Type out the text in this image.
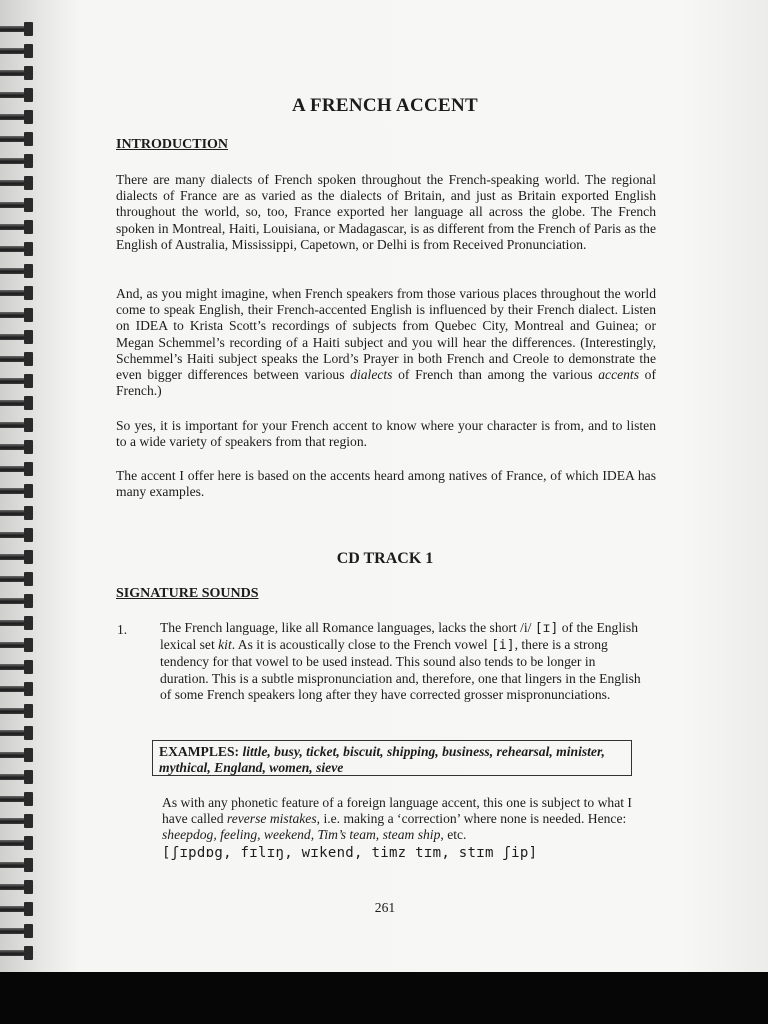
A FRENCH ACCENT
INTRODUCTION

There are many dialects of French spoken throughout the French-speaking world. The regional dialects of France are as varied as the dialects of Britain, and just as Britain exported English throughout the world, so, too, France exported her language all across the globe. The French spoken in Montreal, Haiti, Louisiana, or Madagascar, is as different from the French of Paris as the English of Australia, Mississippi, Capetown, or Delhi is from Received Pronunciation.

And, as you might imagine, when French speakers from those various places throughout the world come to speak English, their French-accented English is influenced by their French dialect. Listen on IDEA to Krista Scott’s recordings of subjects from Quebec City, Montreal and Guinea; or Megan Schemmel’s recording of a Haiti subject and you will hear the differences. (Interestingly, Schemmel’s Haiti subject speaks the Lord’s Prayer in both French and Creole to demonstrate the even bigger differences between various dialects of French than among the various accents of French.)

So yes, it is important for your French accent to know where your character is from, and to listen to a wide variety of speakers from that region.

The accent I offer here is based on the accents heard among natives of France, of which IDEA has many examples.

CD TRACK 1
SIGNATURE SOUNDS
1. The French language, like all Romance languages, lacks the short /i/ [ɪ] of the English lexical set kit. As it is acoustically close to the French vowel [i], there is a strong tendency for that vowel to be used instead. This sound also tends to be longer in duration. This is a subtle mispronunciation and, therefore, one that lingers in the English of some French speakers long after they have corrected grosser mispronunciations.

EXAMPLES: little, busy, ticket, biscuit, shipping, business, rehearsal, minister, mythical, England, women, sieve

As with any phonetic feature of a foreign language accent, this one is subject to what I have called reverse mistakes, i.e. making a ‘correction’ where none is needed. Hence: sheepdog, feeling, weekend, Tim’s team, steam ship, etc.

[ʃɪpdɒg, fɪlɪŋ, wɪkend, timz tɪm, stɪm ʃip]
261
